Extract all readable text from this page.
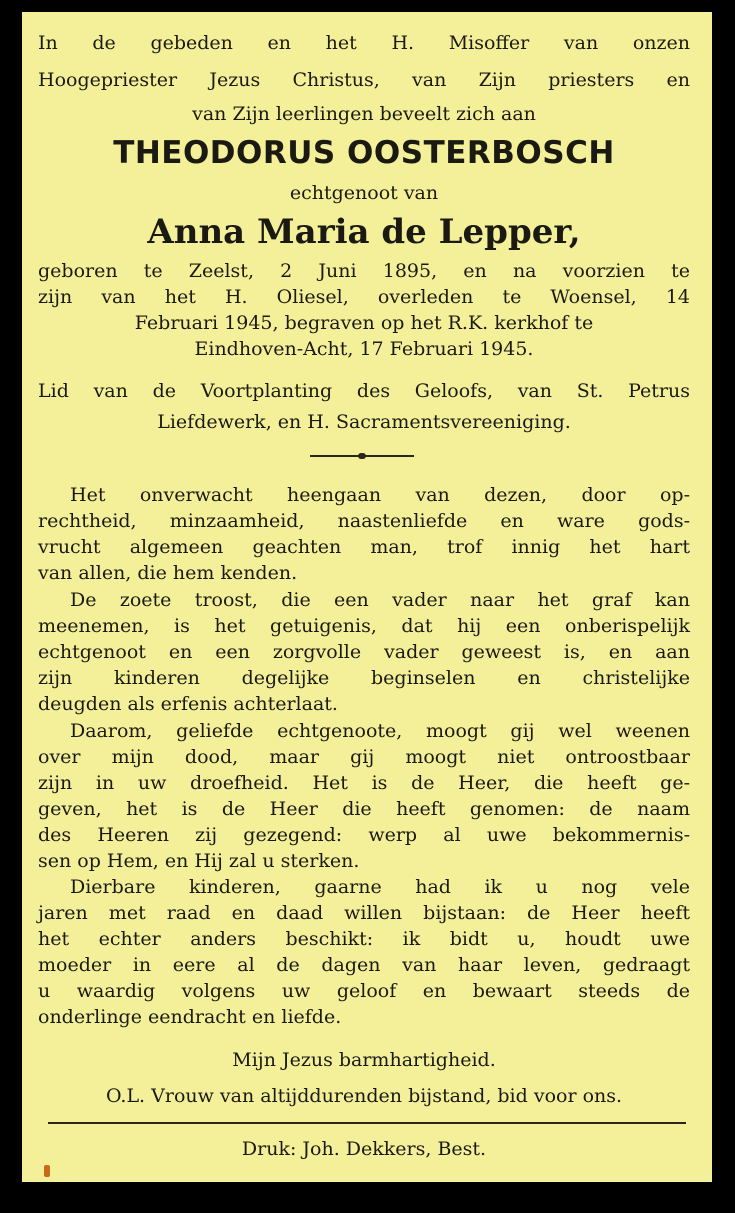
In de gebeden en het H. Misoffer van onzen
Hoogepriester Jezus Christus, van Zijn priesters en
van Zijn leerlingen beveelt zich aan
THEODORUS OOSTERBOSCH
echtgenoot van
Anna Maria de Lepper,
geboren te Zeelst, 2 Juni 1895, en na voorzien te
zijn van het H. Oliesel, overleden te Woensel, 14
Februari 1945, begraven op het R.K. kerkhof te
Eindhoven-Acht, 17 Februari 1945.
Lid van de Voortplanting des Geloofs, van St. Petrus
Liefdewerk, en H. Sacramentsvereeniging.
Het onverwacht heengaan van dezen, door op-
rechtheid, minzaamheid, naastenliefde en ware gods-
vrucht algemeen geachten man, trof innig het hart
van allen, die hem kenden.
De zoete troost, die een vader naar het graf kan
meenemen, is het getuigenis, dat hij een onberispelijk
echtgenoot en een zorgvolle vader geweest is, en aan
zijn kinderen degelijke beginselen en christelijke
deugden als erfenis achterlaat.
Daarom, geliefde echtgenoote, moogt gij wel weenen
over mijn dood, maar gij moogt niet ontroostbaar
zijn in uw droefheid. Het is de Heer, die heeft ge-
geven, het is de Heer die heeft genomen: de naam
des Heeren zij gezegend: werp al uwe bekommernis-
sen op Hem, en Hij zal u sterken.
Dierbare kinderen, gaarne had ik u nog vele
jaren met raad en daad willen bijstaan: de Heer heeft
het echter anders beschikt: ik bidt u, houdt uwe
moeder in eere al de dagen van haar leven, gedraagt
u waardig volgens uw geloof en bewaart steeds de
onderlinge eendracht en liefde.
Mijn Jezus barmhartigheid.
O.L. Vrouw van altijddurenden bijstand, bid voor ons.
Druk: Joh. Dekkers, Best.
